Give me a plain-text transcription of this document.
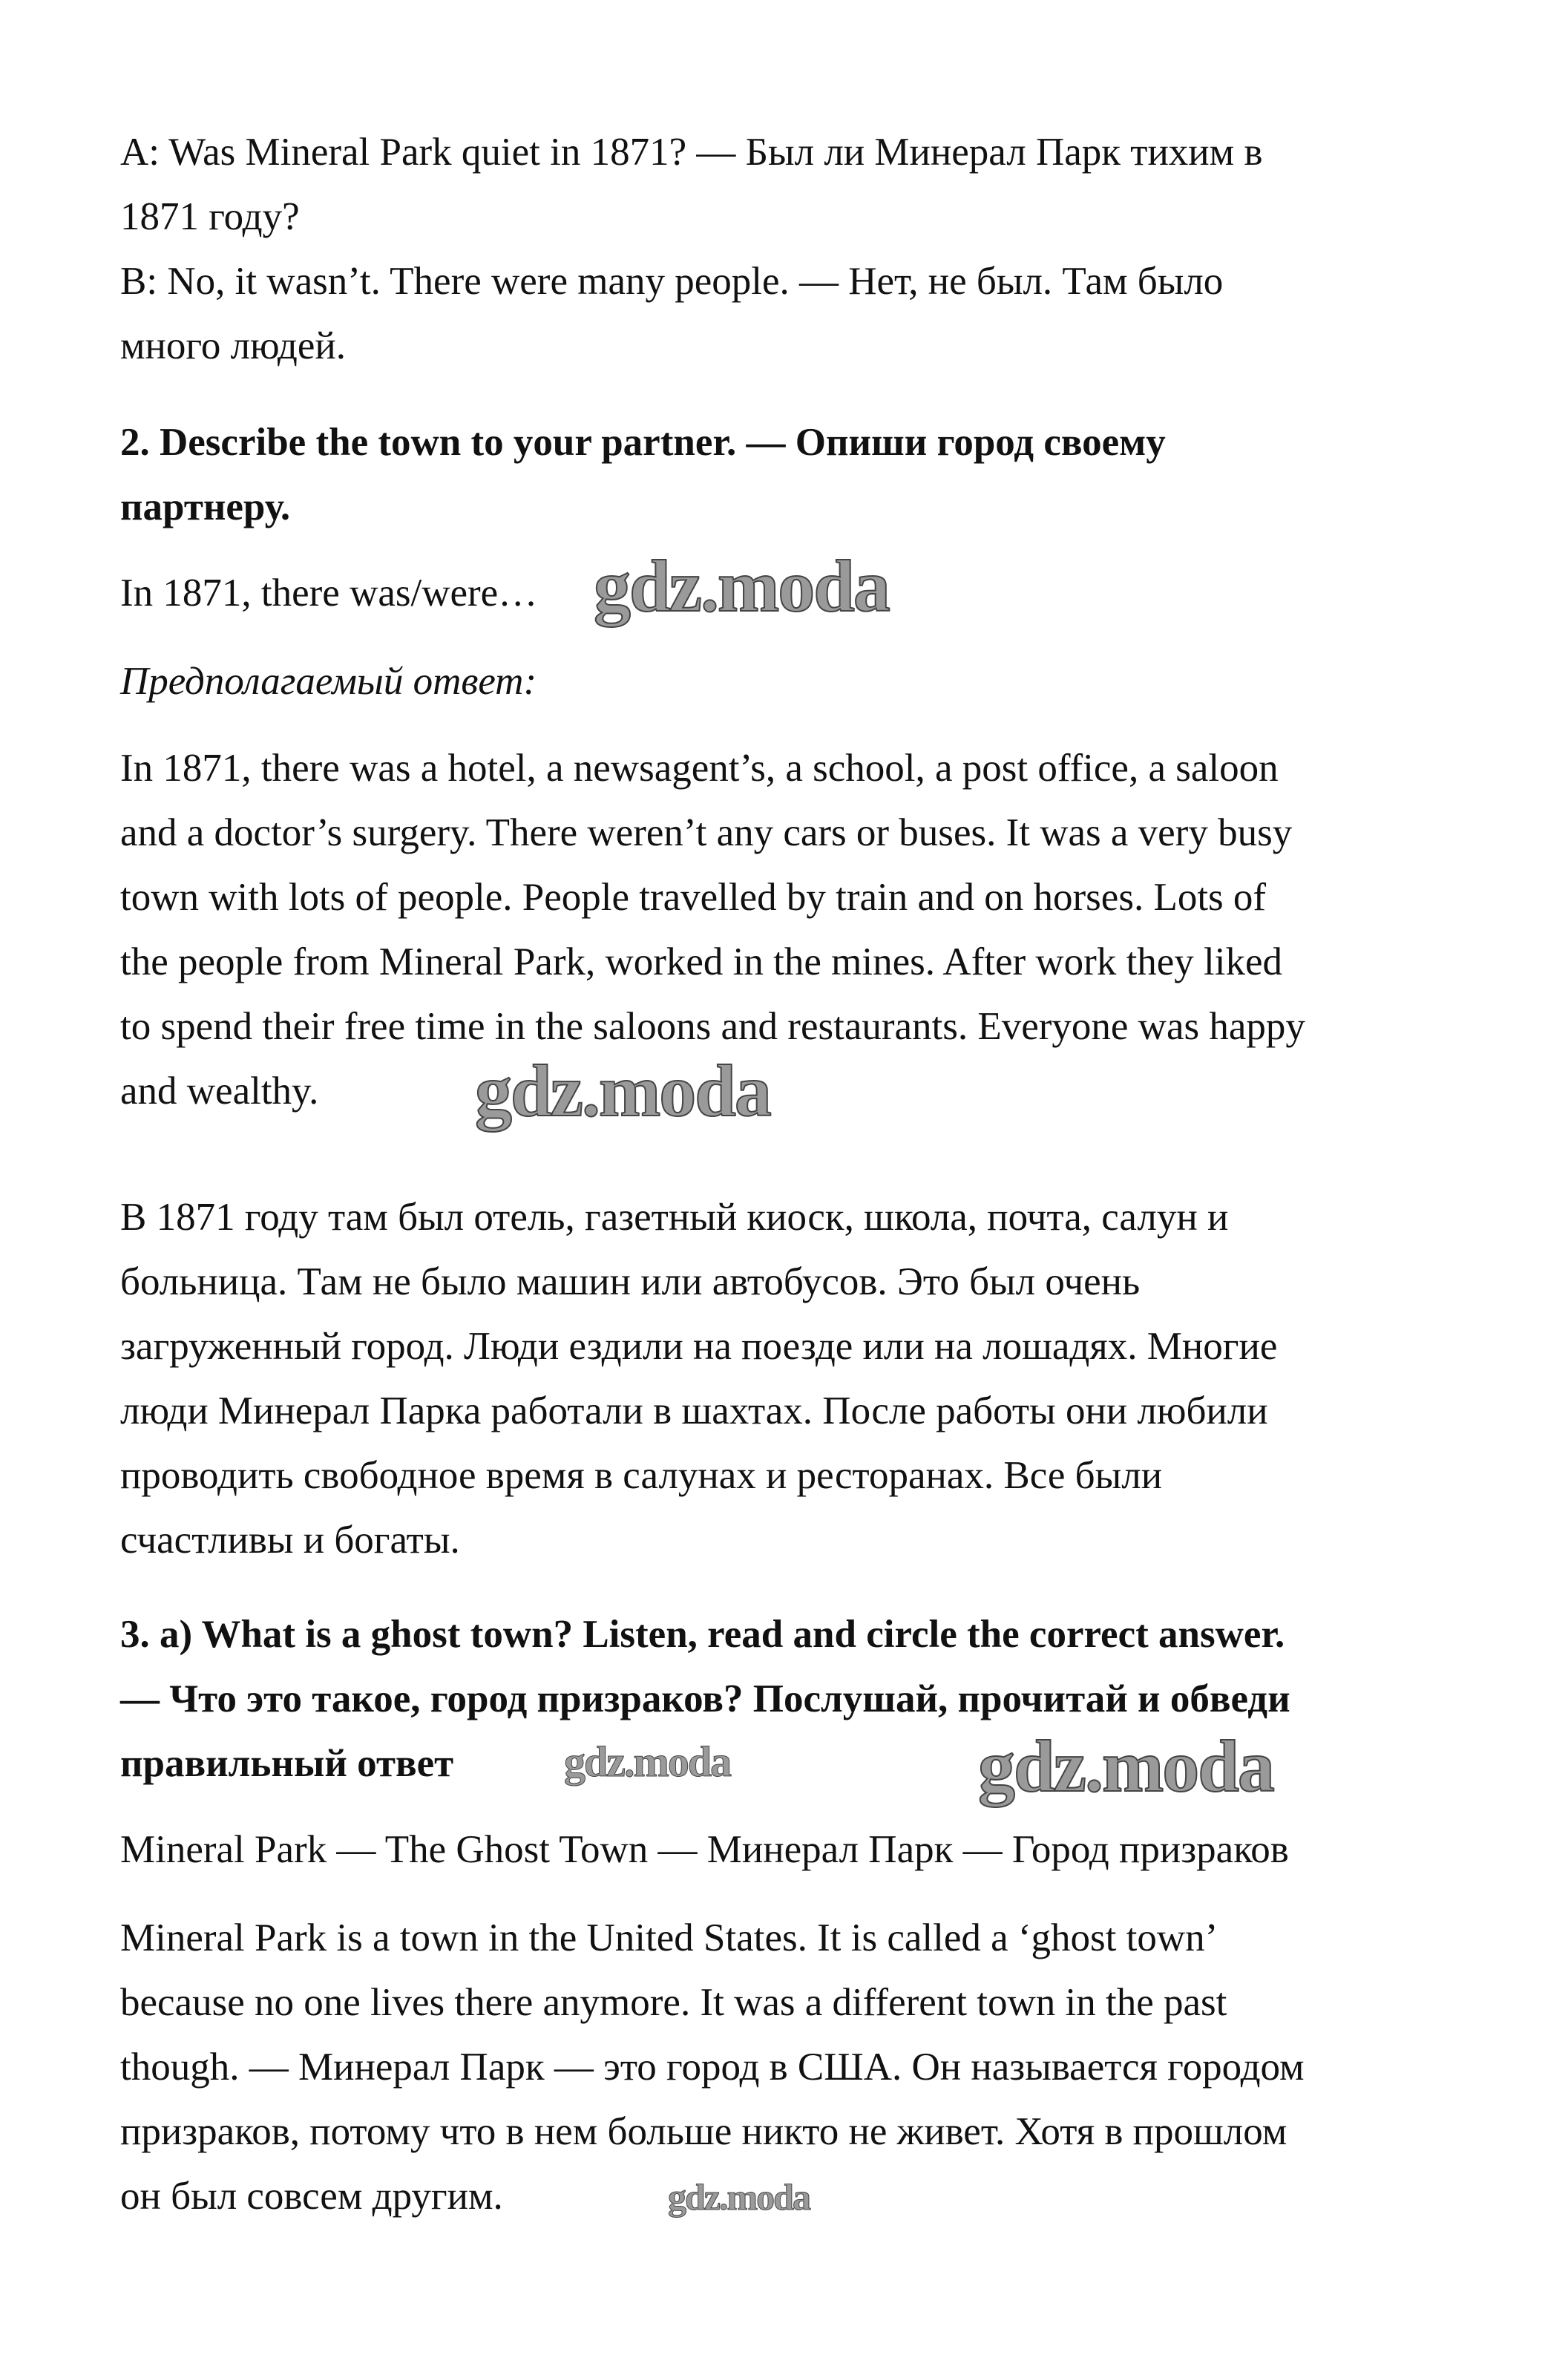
A: Was Mineral Park quiet in 1871? — Был ли Минерал Парк тихим в
1871 году?
B: No, it wasn’t. There were many people. — Нет, не был. Там было
много людей.
2. Describe the town to your partner. — Опиши город своему
партнеру.
In 1871, there was/were…
Предполагаемый ответ:
In 1871, there was a hotel, a newsagent’s, a school, a post office, a saloon
and a doctor’s surgery. There weren’t any cars or buses. It was a very busy
town with lots of people. People travelled by train and on horses. Lots of
the people from Mineral Park, worked in the mines. After work they liked
to spend their free time in the saloons and restaurants. Everyone was happy
and wealthy.
В 1871 году там был отель, газетный киоск, школа, почта, салун и
больница. Там не было машин или автобусов. Это был очень
загруженный город. Люди ездили на поезде или на лошадях. Многие
люди Минерал Парка работали в шахтах. После работы они любили
проводить свободное время в салунах и ресторанах. Все были
счастливы и богаты.
3. a) What is a ghost town? Listen, read and circle the correct answer.
— Что это такое, город призраков? Послушай, прочитай и обведи
правильный ответ
Mineral Park — The Ghost Town — Минерал Парк — Город призраков
Mineral Park is a town in the United States. It is called a ‘ghost town’
because no one lives there anymore. It was a different town in the past
though. — Минерал Парк — это город в США. Он называется городом
призраков, потому что в нем больше никто не живет. Хотя в прошлом
он был совсем другим.
gdz.moda
gdz.moda
gdz.moda
gdz.moda
gdz.moda
